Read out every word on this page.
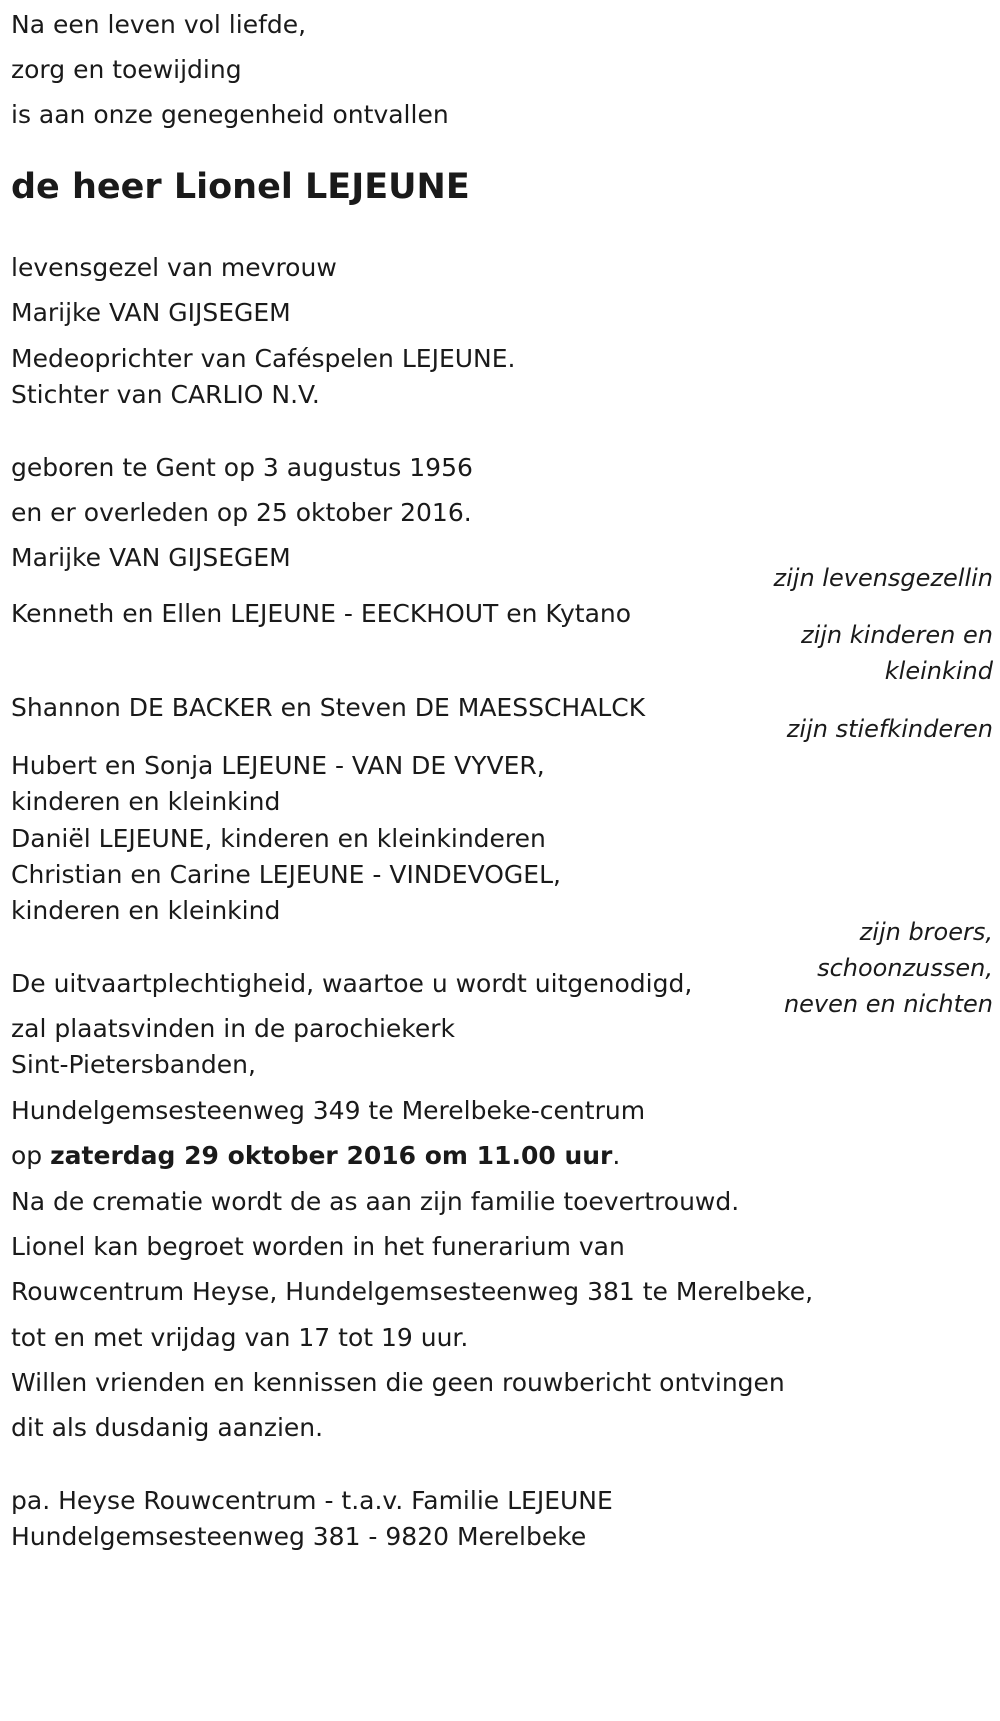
Na een leven vol liefde,
zorg en toewijding
is aan onze genegenheid ontvallen
de heer Lionel LEJEUNE
levensgezel van mevrouw
Marijke VAN GIJSEGEM
Medeoprichter van Caféspelen LEJEUNE.
Stichter van CARLIO N.V.
geboren te Gent op 3 augustus 1956
en er overleden op 25 oktober 2016.
Marijke VAN GIJSEGEM
zijn levensgezellin
Kenneth en Ellen LEJEUNE - EECKHOUT en Kytano
zijn kinderen en
kleinkind
Shannon DE BACKER en Steven DE MAESSCHALCK
zijn stiefkinderen
Hubert en Sonja LEJEUNE - VAN DE VYVER,
kinderen en kleinkind
Daniël LEJEUNE, kinderen en kleinkinderen
Christian en Carine LEJEUNE - VINDEVOGEL,
kinderen en kleinkind
zijn broers,
schoonzussen,
neven en nichten
De uitvaartplechtigheid, waartoe u wordt uitgenodigd,
zal plaatsvinden in de parochiekerk
Sint-Pietersbanden,
Hundelgemsesteenweg 349 te Merelbeke-centrum
op zaterdag 29 oktober 2016 om 11.00 uur.
Na de crematie wordt de as aan zijn familie toevertrouwd.
Lionel kan begroet worden in het funerarium van
Rouwcentrum Heyse, Hundelgemsesteenweg 381 te Merelbeke,
tot en met vrijdag van 17 tot 19 uur.
Willen vrienden en kennissen die geen rouwbericht ontvingen
dit als dusdanig aanzien.
pa. Heyse Rouwcentrum - t.a.v. Familie LEJEUNE
Hundelgemsesteenweg 381 - 9820 Merelbeke
